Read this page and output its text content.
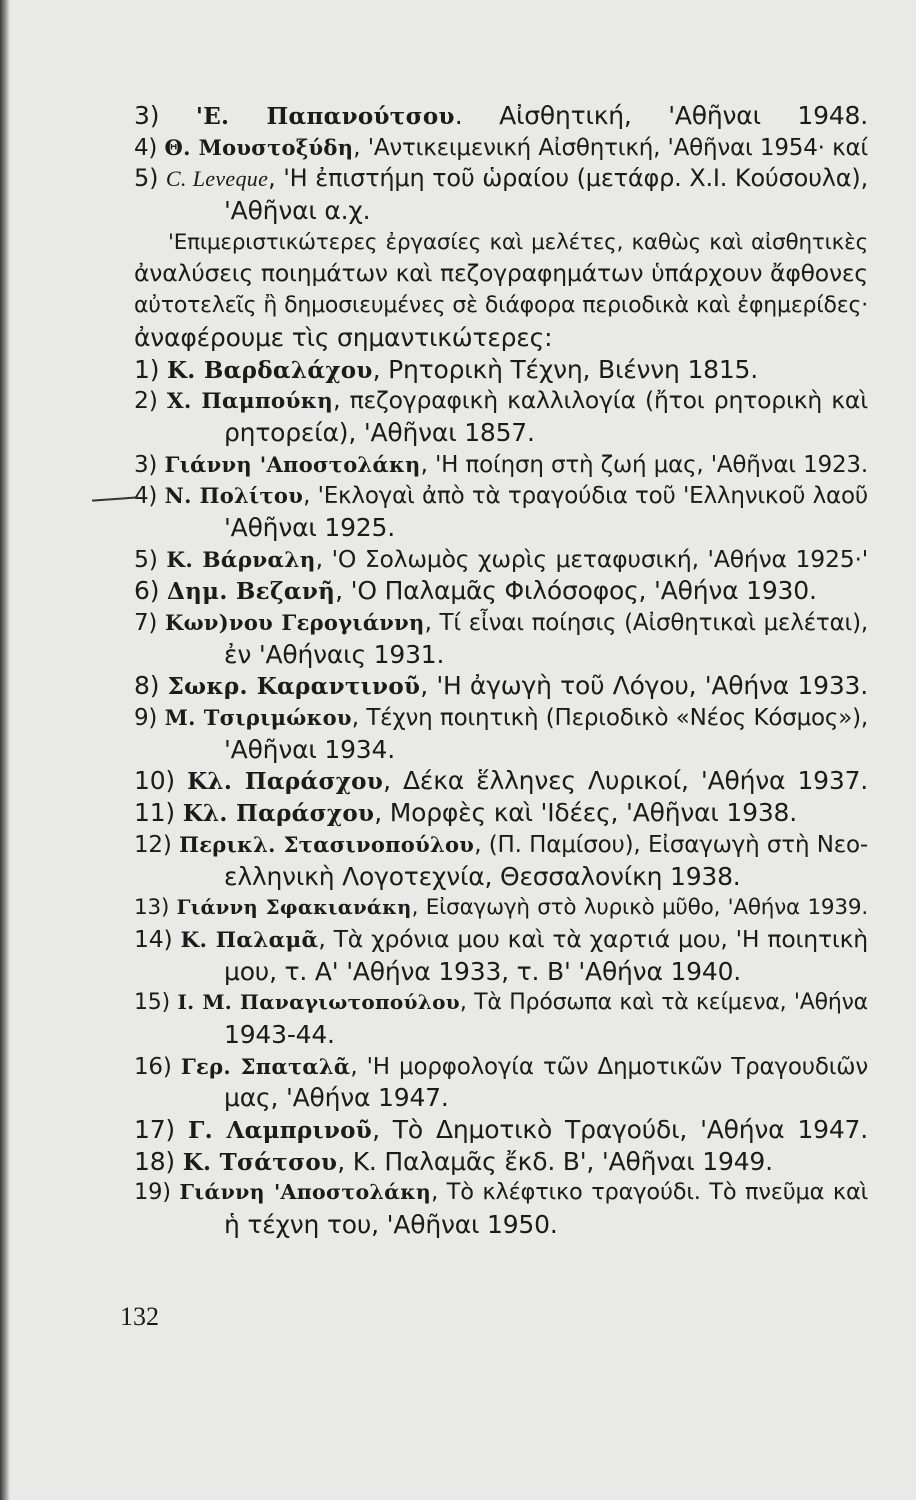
3) 'Ε. Παπανούτσου. Αἰσθητική, 'Αθῆναι 1948.
4) Θ. Μουστοξύδη, 'Αντικειμενική Αἰσθητική, 'Αθῆναι 1954· καί
5) C. Leveque, 'Η ἐπιστήμη τοῦ ὡραίου (μετάφρ. Χ.Ι. Κούσουλα),
'Αθῆναι α.χ.
'Επιμεριστικώτερες ἐργασίες καὶ μελέτες, καθὼς καὶ αἰσθητικὲς
ἀναλύσεις ποιημάτων καὶ πεζογραφημάτων ὑπάρχουν ἄφθονες
αὐτοτελεῖς ἢ δημοσιευμένες σὲ διάφορα περιοδικὰ καὶ ἐφημερίδες·
ἀναφέρουμε τὶς σημαντικώτερες:
1) Κ. Βαρδαλάχου, Ρητορικὴ Τέχνη, Βιέννη 1815.
2) Χ. Παμπούκη, πεζογραφικὴ καλλιλογία (ἤτοι ρητορικὴ καὶ
ρητορεία), 'Αθῆναι 1857.
3) Γιάννη 'Αποστολάκη, 'Η ποίηση στὴ ζωή μας, 'Αθῆναι 1923.
4) Ν. Πολίτου, 'Εκλογαὶ ἀπὸ τὰ τραγούδια τοῦ 'Ελληνικοῦ λαοῦ
'Αθῆναι 1925.
5) Κ. Βάρναλη, 'Ο Σολωμὸς χωρὶς μεταφυσική, 'Αθήνα 1925·'
6) Δημ. Βεζανῆ, 'Ο Παλαμᾶς Φιλόσοφος, 'Αθήνα 1930.
7) Κων)νου Γερογιάννη, Τί εἶναι ποίησις (Αἰσθητικαὶ μελέται),
ἐν 'Αθήναις 1931.
8) Σωκρ. Καραντινοῦ, 'Η ἀγωγὴ τοῦ Λόγου, 'Αθήνα 1933.
9) Μ. Τσιριμώκου, Τέχνη ποιητικὴ (Περιοδικὸ «Νέος Κόσμος»),
'Αθῆναι 1934.
10) Κλ. Παράσχου, Δέκα ἕλληνες Λυρικοί, 'Αθήνα 1937.
11) Κλ. Παράσχου, Μορφὲς καὶ 'Ιδέες, 'Αθῆναι 1938.
12) Περικλ. Στασινοπούλου, (Π. Παμίσου), Εἰσαγωγὴ στὴ Νεο-
ελληνικὴ Λογοτεχνία, Θεσσαλονίκη 1938.
13) Γιάννη Σφακιανάκη, Εἰσαγωγὴ στὸ λυρικὸ μῦθο, 'Αθήνα 1939.
14) Κ. Παλαμᾶ, Τὰ χρόνια μου καὶ τὰ χαρτιά μου, 'Η ποιητικὴ
μου, τ. Α' 'Αθήνα 1933, τ. Β' 'Αθήνα 1940.
15) Ι. Μ. Παναγιωτοπούλου, Τὰ Πρόσωπα καὶ τὰ κείμενα, 'Αθήνα
1943-44.
16) Γερ. Σπαταλᾶ, 'Η μορφολογία τῶν Δημοτικῶν Τραγουδιῶν
μας, 'Αθήνα 1947.
17) Γ. Λαμπρινοῦ, Τὸ Δημοτικὸ Τραγούδι, 'Αθήνα 1947.
18) Κ. Τσάτσου, Κ. Παλαμᾶς ἔκδ. Β', 'Αθῆναι 1949.
19) Γιάννη 'Αποστολάκη, Τὸ κλέφτικο τραγούδι. Τὸ πνεῦμα καὶ
ἡ τέχνη του, 'Αθῆναι 1950.
132
